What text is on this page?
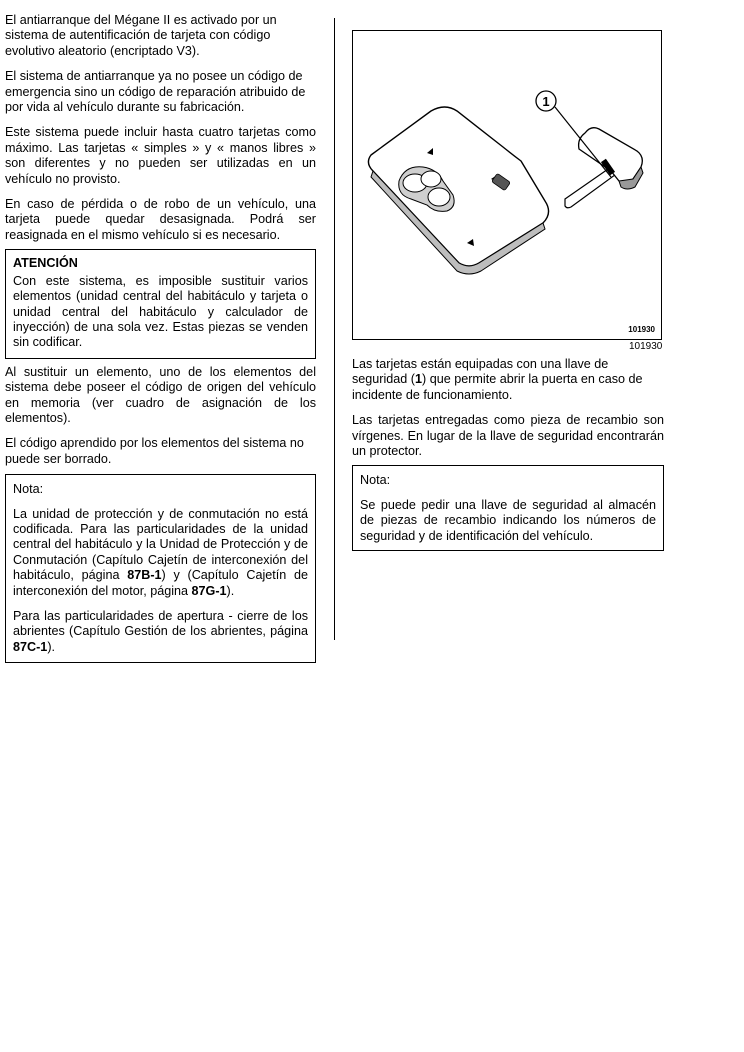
El antiarranque del Mégane II es activado por un sistema de autentificación de tarjeta con código evolutivo aleatorio (encriptado V3).

El sistema de antiarranque ya no posee un código de emergencia sino un código de reparación atribuido de por vida al vehículo durante su fabricación.

Este sistema puede incluir hasta cuatro tarjetas como máximo. Las tarjetas « simples » y « manos libres » son diferentes y no pueden ser utilizadas en un vehículo no provisto.

En caso de pérdida o de robo de un vehículo, una tarjeta puede quedar desasignada. Podrá ser reasignada en el mismo vehículo si es necesario.

ATENCIÓN
Con este sistema, es imposible sustituir varios elementos (unidad central del habitáculo y tarjeta o unidad central del habitáculo y calculador de inyección) de una sola vez. Estas piezas se venden sin codificar.

Al sustituir un elemento, uno de los elementos del sistema debe poseer el código de origen del vehículo en memoria (ver cuadro de asignación de los elementos).

El código aprendido por los elementos del sistema no puede ser borrado.

Nota:

La unidad de protección y de conmutación no está codificada. Para las particularidades de la unidad central del habitáculo y la Unidad de Protección y de Conmutación (Capítulo Cajetín de interconexión del habitáculo, página 87B-1) y (Capítulo Cajetín de interconexión del motor, página 87G-1).

Para las particularidades de apertura - cierre de los abrientes (Capítulo Gestión de los abrientes, página 87C-1).

1
101930
101930

Las tarjetas están equipadas con una llave de seguridad (1) que permite abrir la puerta en caso de incidente de funcionamiento.

Las tarjetas entregadas como pieza de recambio son vírgenes. En lugar de la llave de seguridad encontrarán un protector.

Nota:
Se puede pedir una llave de seguridad al almacén de piezas de recambio indicando los números de seguridad y de identificación del vehículo.
